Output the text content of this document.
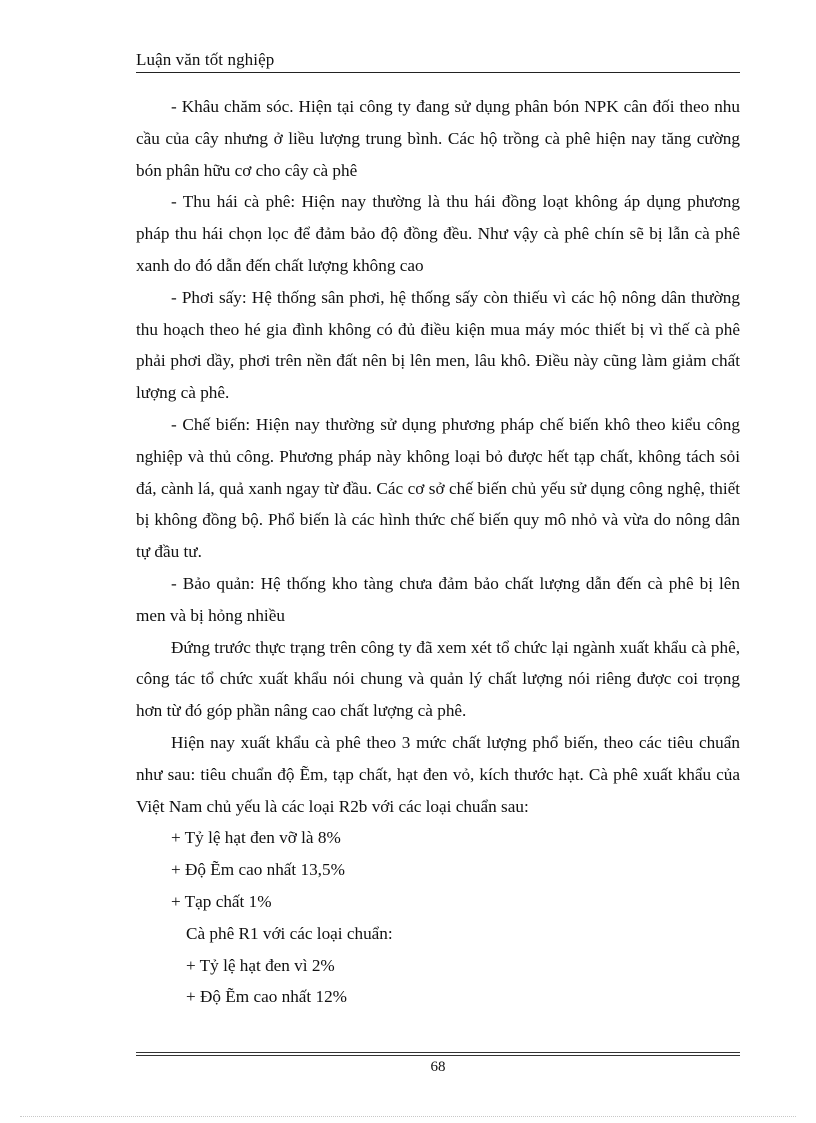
Luận văn tốt nghiệp

- Khâu chăm sóc. Hiện tại công ty đang sử dụng phân bón NPK cân đối theo nhu cầu của cây nhưng ở liều lượng trung bình. Các hộ trồng cà phê hiện nay tăng cường bón phân hữu cơ cho cây cà phê

- Thu hái cà phê: Hiện nay thường là thu hái đồng loạt không áp dụng phương pháp thu hái chọn lọc để đảm bảo độ đồng đều. Như vậy cà phê chín sẽ bị lẫn cà phê xanh do đó dẫn đến chất lượng không cao

- Phơi sấy: Hệ thống sân phơi, hệ thống sấy còn thiếu vì các hộ nông dân thường thu hoạch theo hé gia đình không có đủ điều kiện mua máy móc thiết bị vì thế cà phê phải phơi dầy, phơi trên nền đất nên bị lên men, lâu khô. Điều này cũng làm giảm chất lượng cà phê.

- Chế biến: Hiện nay thường sử dụng phương pháp chế biến khô theo kiểu công nghiệp và thủ công. Phương pháp này không loại bỏ được hết tạp chất, không tách sỏi đá, cành lá, quả xanh ngay từ đầu. Các cơ sở chế biến chủ yếu sử dụng công nghệ, thiết bị không đồng bộ. Phổ biến là các hình thức chế biến quy mô nhỏ và vừa do nông dân tự đầu tư.

- Bảo quản: Hệ thống kho tàng chưa đảm bảo chất lượng dẫn đến cà phê bị lên men và bị hỏng nhiều

Đứng trước thực trạng trên công ty đã xem xét tổ chức lại ngành xuất khẩu cà phê, công tác tổ chức xuất khẩu nói chung và quản lý chất lượng nói riêng được coi trọng hơn từ đó góp phần nâng cao chất lượng cà phê.

Hiện nay xuất khẩu cà phê theo 3 mức chất lượng phổ biến, theo các tiêu chuẩn như sau: tiêu chuẩn độ Ẽm, tạp chất, hạt đen vỏ, kích thước hạt. Cà phê xuất khẩu của Việt Nam chủ yếu là các loại R2b với các loại chuẩn sau:

+ Tỷ lệ hạt đen vỡ là 8%

+ Độ Ẽm cao nhất 13,5%

+ Tạp chất 1%

Cà phê R1 với các loại chuẩn:

+ Tỷ lệ hạt đen vì 2%

+ Độ Ẽm cao nhất 12%

68
